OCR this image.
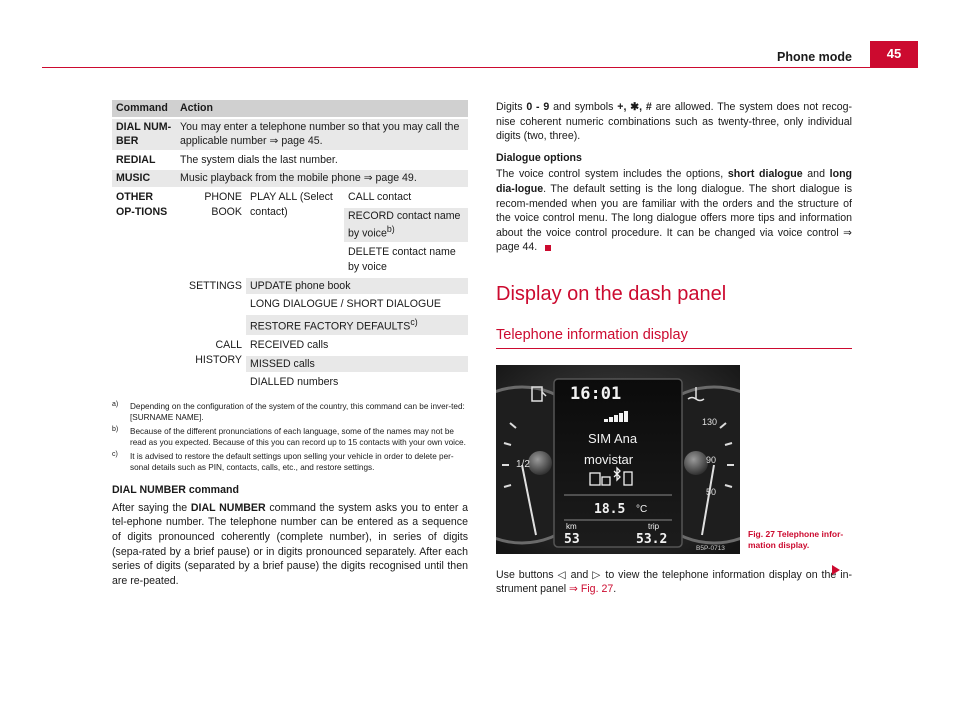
Phone mode	45
Command	Action		
DIAL NUM-BER	You may enter a telephone number so that you may call the applicable number ⇒ page 45.		
REDIAL	The system dials the last number.		
MUSIC	Music playback from the mobile phone ⇒ page 49.		
OTHER OP-TIONS	PHONE BOOK	PLAY ALL (Select contact)	CALL contact
			RECORD contact name by voice$^{b)}$
			DELETE contact name by voice
	SETTINGS	UPDATE phone book	
		LONG DIALOGUE / SHORT DIALOGUE	
		RESTORE FACTORY DEFAULTS$^{c)}$
	CALL HISTORY	RECEIVED calls	
		MISSED calls	
		DIALLED numbers	
a) Depending on the configuration of the system of the country, this command can be inver-ted: [SURNAME NAME].
b) Because of the different pronunciations of each language, some of the names may not be read as you expected. Because of this you can record up to 15 contacts with your own voice.
c) It is advised to restore the default settings upon selling your vehicle in order to delete per-sonal details such as PIN, contacts, calls, etc., and restore settings.
DIAL NUMBER command

After saying the DIAL NUMBER command the system asks you to enter a tel-ephone number. The telephone number can be entered as a sequence of digits pronounced coherently (complete number), in series of digits (sepa-rated by a brief pause) or in digits pronounced separately. After each series of digits (separated by a brief pause) the digits recognised until then are re-peated.

Digits 0 - 9 and symbols +, ✱, # are allowed. The system does not recog-nise coherent numeric combinations such as twenty-three, only individual digits (two, three).

Dialogue options

The voice control system includes the options, short dialogue and long dia-logue. The default setting is the long dialogue. The short dialogue is recom-mended when you are familiar with the orders and the structure of the voice control menu. The long dialogue offers more tips and information about the voice control procedure. It can be changed via voice control ⇒ page 44.

Display on the dash panel
Telephone information display
1/2
130
90
50
16:01
SIM Ana
movistar
18.5 °C
km	trip
53	53.2
B5P-0713
Fig. 27 Telephone infor-
mation display.

Use buttons ◁ and ▷ to view the telephone information display on the in-strument panel ⇒ Fig. 27.
